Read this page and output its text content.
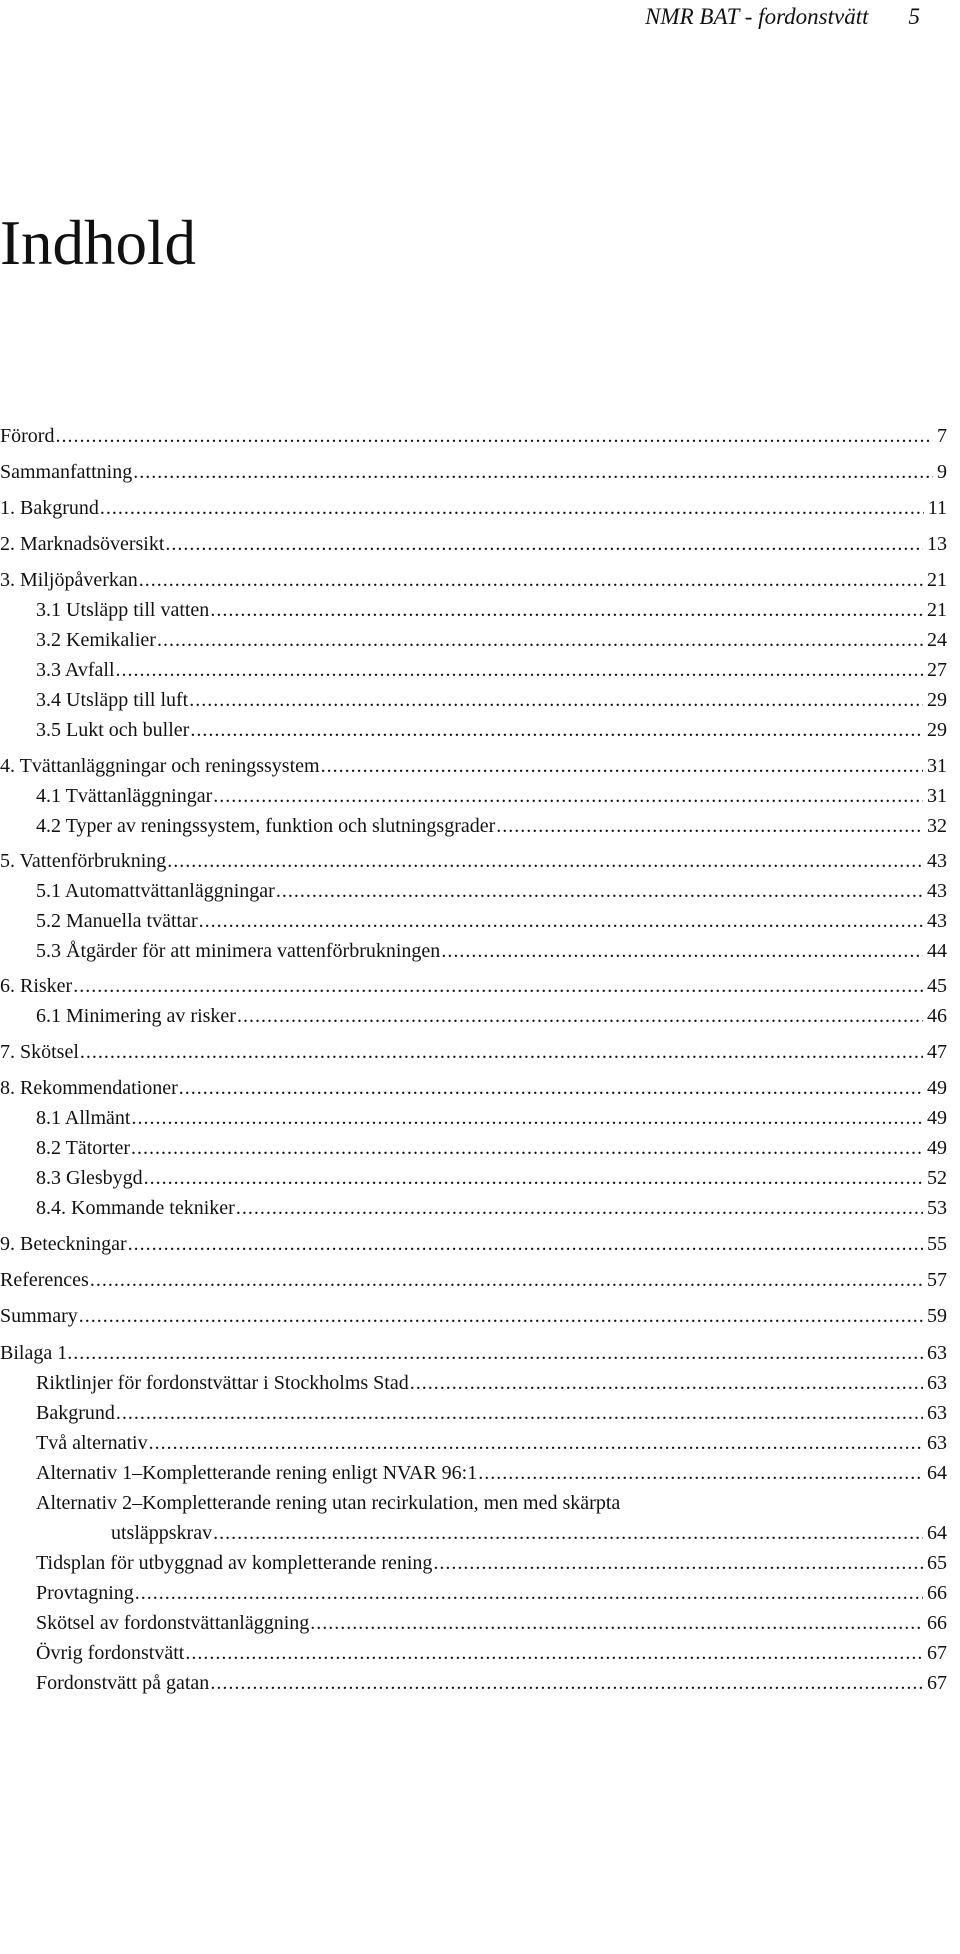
NMR BAT - fordonstvätt 5
Indhold
Förord .....	7
Sammanfattning .....	9
1. Bakgrund .....	11
2. Marknadsöversikt .....	13
3. Miljöpåverkan .....	21
3.1 Utsläpp till vatten .....	21
3.2 Kemikalier .....	24
3.3 Avfall .....	27
3.4 Utsläpp till luft .....	29
3.5 Lukt och buller .....	29
4. Tvättanläggningar och reningssystem .....	31
4.1 Tvättanläggningar .....	31
4.2 Typer av reningssystem, funktion och slutningsgrader .....	32
5. Vattenförbrukning .....	43
5.1 Automattvättanläggningar .....	43
5.2 Manuella tvättar .....	43
5.3 Åtgärder för att minimera vattenförbrukningen .....	44
6. Risker .....	45
6.1 Minimering av risker .....	46
7. Skötsel .....	47
8. Rekommendationer .....	49
8.1 Allmänt .....	49
8.2 Tätorter .....	49
8.3 Glesbygd .....	52
8.4. Kommande tekniker .....	53
9. Beteckningar .....	55
References .....	57
Summary .....	59
Bilaga 1. .....	63
Riktlinjer för fordonstvättar i Stockholms Stad .....	63
Bakgrund .....	63
Två alternativ .....	63
Alternativ 1–Kompletterande rening enligt NVAR 96:1 .....	64
Alternativ 2–Kompletterande rening utan recirkulation, men med skärpta
utsläppskrav .....	64
Tidsplan för utbyggnad av kompletterande rening .....	65
Provtagning .....	66
Skötsel av fordonstvättanläggning .....	66
Övrig fordonstvätt .....	67
Fordonstvätt på gatan .....	67
